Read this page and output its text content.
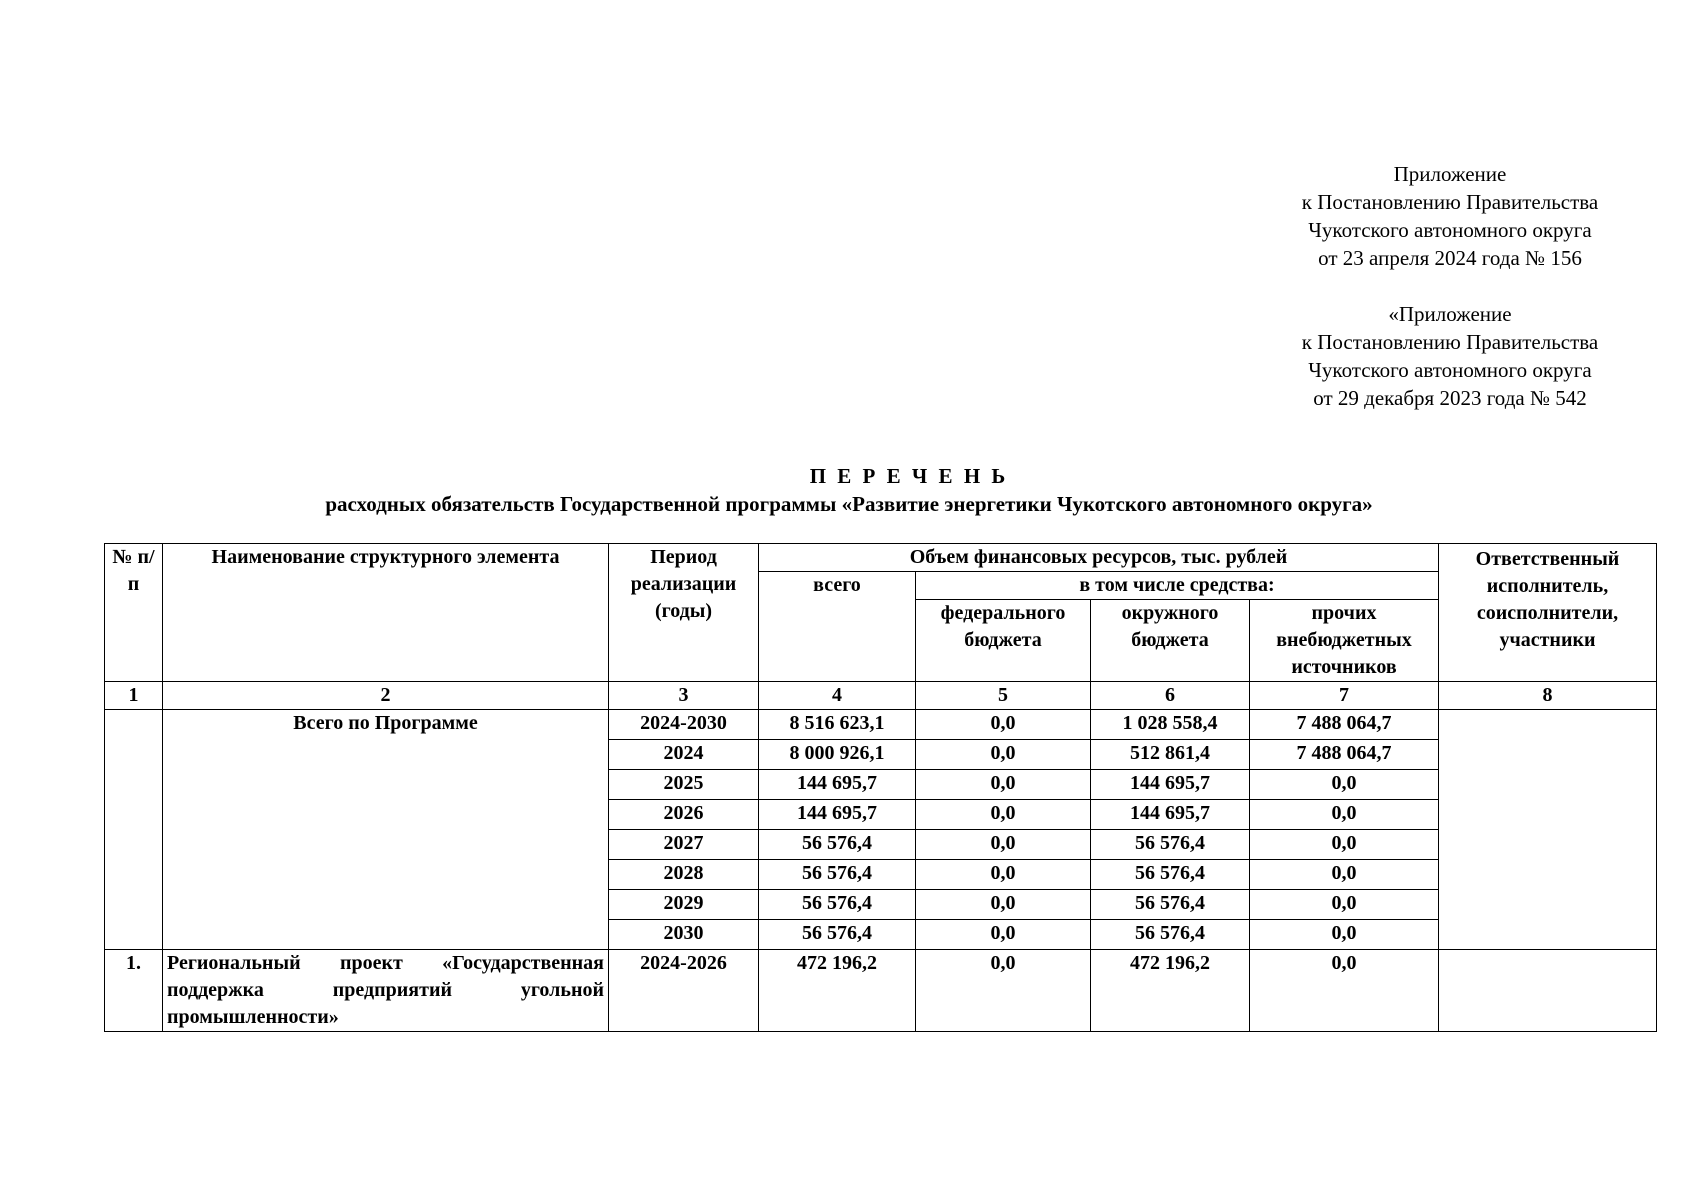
Приложение
к Постановлению Правительства
Чукотского автономного округа
от 23 апреля 2024 года № 156
«Приложение
к Постановлению Правительства
Чукотского автономного округа
от 29 декабря 2023 года № 542
П Е Р Е Ч Е Н Ь
расходных обязательств Государственной программы «Развитие энергетики Чукотского автономного округа»
№ п/п	Наименование структурного элемента	Период реализации (годы)	Объем финансовых ресурсов, тыс. рублей				Ответственный исполнитель, соисполнители, участники
			всего	в том числе средства:			
				федерального бюджета	окружного бюджета	прочих внебюджетных источников	
1	2	3	4	5	6	7	8
	Всего по Программе	2024-2030	8 516 623,1	0,0	1 028 558,4	7 488 064,7	
		2024	8 000 926,1	0,0	512 861,4	7 488 064,7	
		2025	144 695,7	0,0	144 695,7	0,0	
		2026	144 695,7	0,0	144 695,7	0,0	
		2027	56 576,4	0,0	56 576,4	0,0	
		2028	56 576,4	0,0	56 576,4	0,0	
		2029	56 576,4	0,0	56 576,4	0,0	
		2030	56 576,4	0,0	56 576,4	0,0	
1.	Региональный проект «Государственная поддержка предприятий угольной промышленности»	2024-2026	472 196,2	0,0	472 196,2	0,0	
